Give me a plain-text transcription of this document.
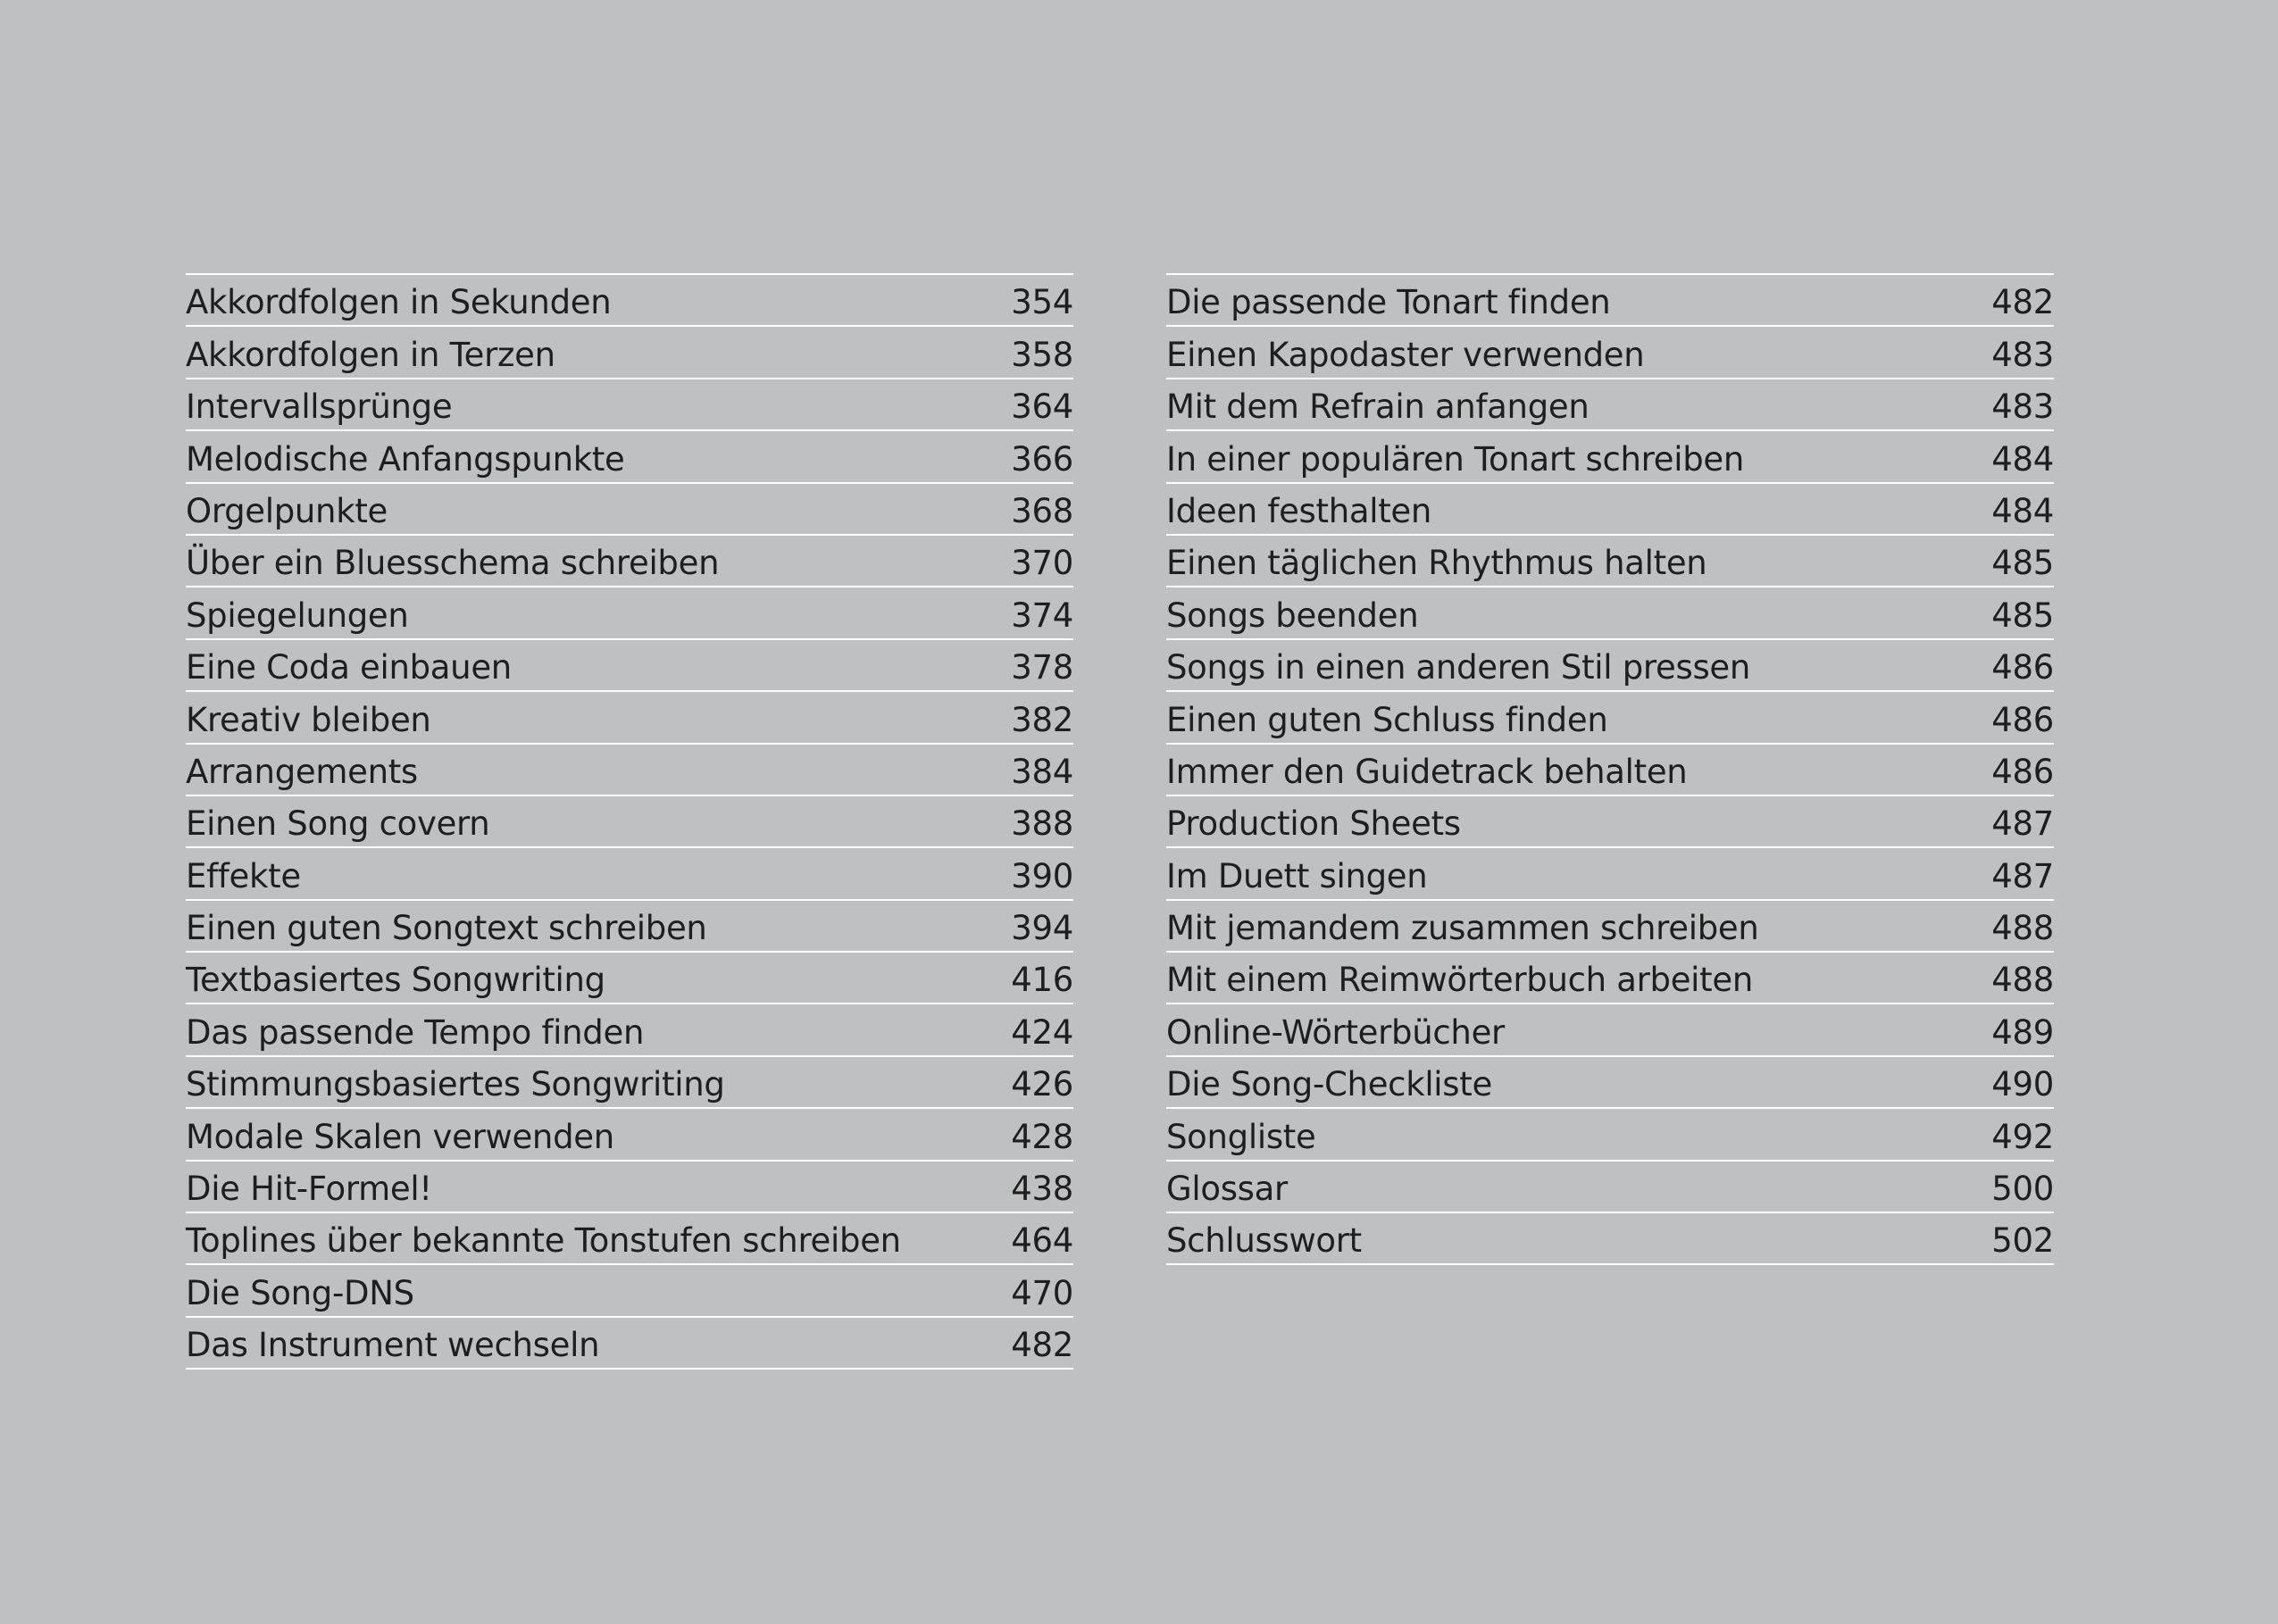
Akkordfolgen in Sekunden	354
Akkordfolgen in Terzen	358
Intervallsprünge	364
Melodische Anfangspunkte	366
Orgelpunkte	368
Über ein Bluesschema schreiben	370
Spiegelungen	374
Eine Coda einbauen	378
Kreativ bleiben	382
Arrangements	384
Einen Song covern	388
Effekte	390
Einen guten Songtext schreiben	394
Textbasiertes Songwriting	416
Das passende Tempo finden	424
Stimmungsbasiertes Songwriting	426
Modale Skalen verwenden	428
Die Hit-Formel!	438
Toplines über bekannte Tonstufen schreiben	464
Die Song-DNS	470
Das Instrument wechseln	482
Die passende Tonart finden	482
Einen Kapodaster verwenden	483
Mit dem Refrain anfangen	483
In einer populären Tonart schreiben	484
Ideen festhalten	484
Einen täglichen Rhythmus halten	485
Songs beenden	485
Songs in einen anderen Stil pressen	486
Einen guten Schluss finden	486
Immer den Guidetrack behalten	486
Production Sheets	487
Im Duett singen	487
Mit jemandem zusammen schreiben	488
Mit einem Reimwörterbuch arbeiten	488
Online-Wörterbücher	489
Die Song-Checkliste	490
Songliste	492
Glossar	500
Schlusswort	502
